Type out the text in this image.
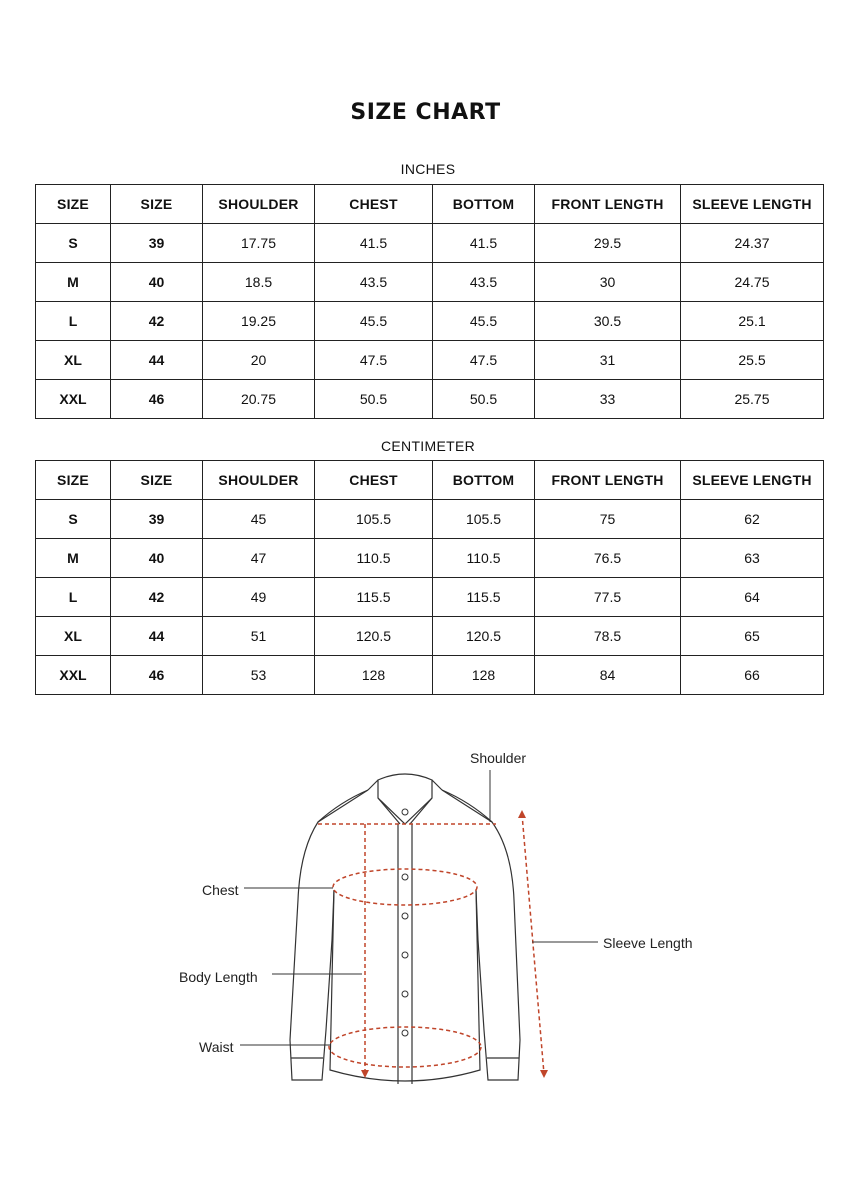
SIZE CHART
INCHES
SIZE	SIZE	SHOULDER	CHEST	BOTTOM	FRONT LENGTH	SLEEVE LENGTH
S	39	17.75	41.5	41.5	29.5	24.37
M	40	18.5	43.5	43.5	30	24.75
L	42	19.25	45.5	45.5	30.5	25.1
XL	44	20	47.5	47.5	31	25.5
XXL	46	20.75	50.5	50.5	33	25.75
CENTIMETER
SIZE	SIZE	SHOULDER	CHEST	BOTTOM	FRONT LENGTH	SLEEVE LENGTH
S	39	45	105.5	105.5	75	62
M	40	47	110.5	110.5	76.5	63
L	42	49	115.5	115.5	77.5	64
XL	44	51	120.5	120.5	78.5	65
XXL	46	53	128	128	84	66
Shoulder
Chest
Sleeve Length
Body Length
Waist
